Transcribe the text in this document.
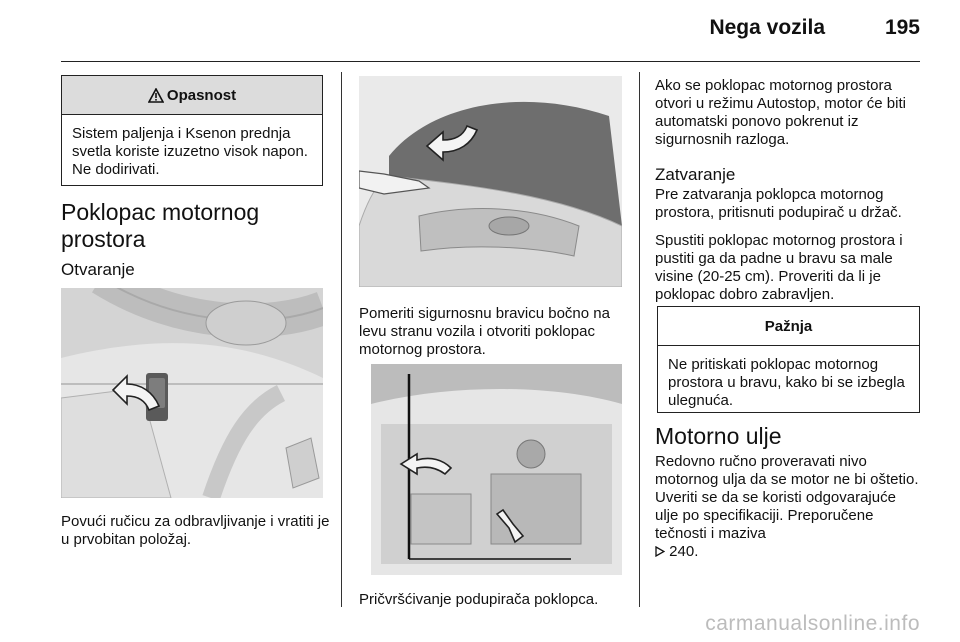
Nega vozila	195
Opasnost
Sistem paljenja i Ksenon prednja svetla koriste izuzetno visok napon. Ne dodirivati.
Poklopac motornog prostora
Otvaranje
Povući ručicu za odbravljivanje i vratiti je u prvobitan položaj.
Pomeriti sigurnosnu bravicu bočno na levu stranu vozila i otvoriti poklopac motornog prostora.
Pričvršćivanje podupirača poklopca.
Ako se poklopac motornog prostora otvori u režimu Autostop, motor će biti automatski ponovo pokrenut iz sigurnosnih razloga.
Zatvaranje
Pre zatvaranja poklopca motornog prostora, pritisnuti podupirač u držač.
Spustiti poklopac motornog prostora i pustiti ga da padne u bravu sa male visine (20-25 cm). Proveriti da li je poklopac dobro zabravljen.
Pažnja
Ne pritiskati poklopac motornog prostora u bravu, kako bi se izbegla ulegnuća.
Motorno ulje
Redovno ručno proveravati nivo motornog ulja da se motor ne bi oštetio. Uveriti se da se koristi odgovarajuće ulje po specifikaciji. Preporučene tečnosti i maziva
240.
carmanualsonline.info
